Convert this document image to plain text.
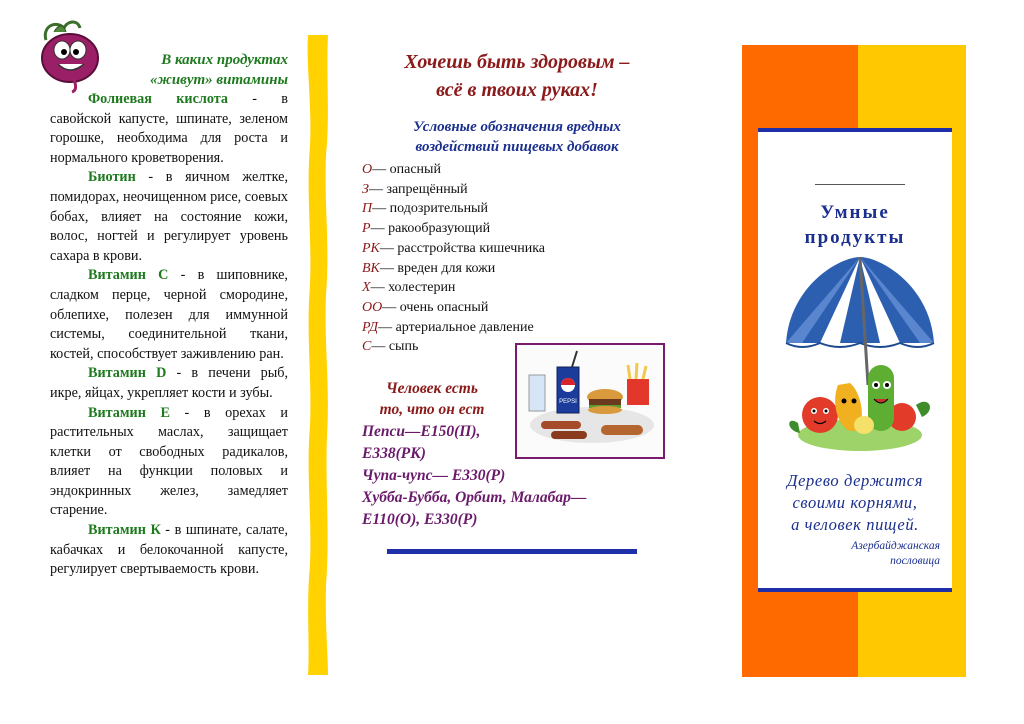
В каких продуктах
«живут» витамины

Фолиевая кислота - в савойской капусте, шпинате, зеленом горошке, необходима для роста и нормального кроветворения.

Биотин - в яичном желтке, помидорах, неочищенном рисе, соевых бобах, влияет на состояние кожи, волос, ногтей и регулирует уровень сахара в крови.

Витамин С - в шиповнике, сладком перце, черной смородине, облепихе, полезен для иммунной системы, соединительной ткани, костей, способствует заживлению ран.

Витамин D - в печени рыб, икре, яйцах, укрепляет кости и зубы.

Витамин Е - в орехах и растительных маслах, защищает клетки от свободных радикалов, влияет на функции половых и эндокринных желез, замедляет старение.

Витамин К - в шпинате, салате, кабачках и белокочанной капусте, регулирует свертываемость крови.

Хочешь быть здоровым –
всё в твоих руках!
Условные обозначения вредных
воздействий пищевых добавок
О— опасный
З— запрещённый
П— подозрительный
Р— ракообразующий
РК— расстройства кишечника
ВК— вреден для кожи
Х— холестерин
ОО— очень опасный
РД— артериальное давление
С— сыпь
PEPSI
Человек есть
то, что он ест
Пепси—Е150(П),
Е338(РК)
Чупа-чупс— Е330(Р)
Хубба-Бубба, Орбит, Малабар—
Е110(О), Е330(Р)
Умные
продукты
Дерево держится
своими корнями,
а человек пищей.
Азербайджанская
пословица
